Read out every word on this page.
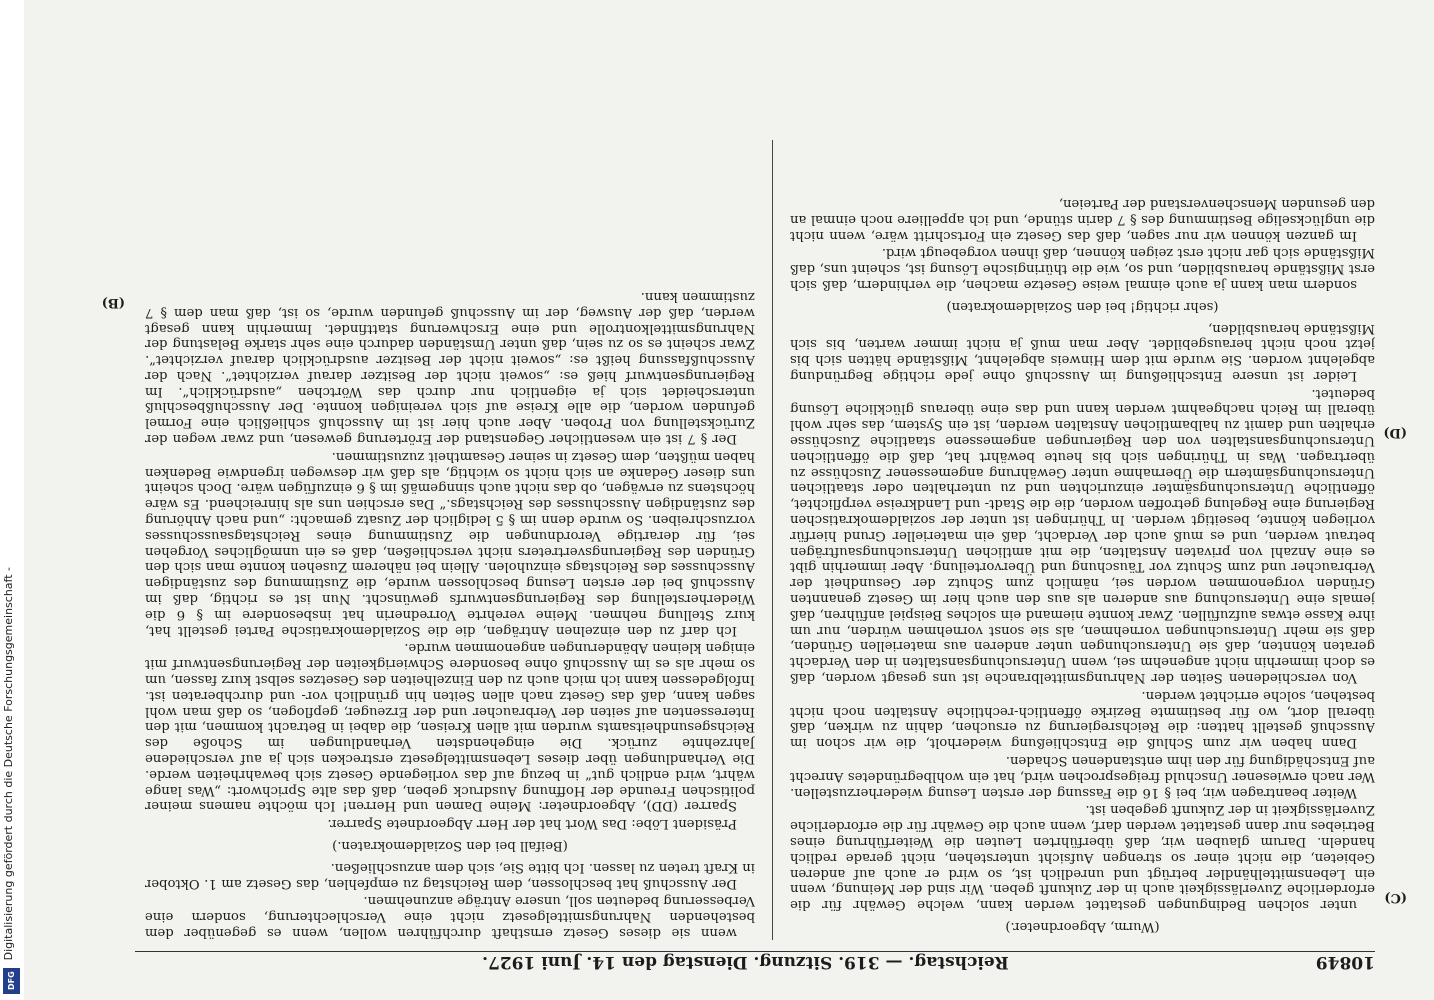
Digitalisierung gefördert durch die Deutsche Forschungsgemeinschaft -
DFG
10849
Reichstag. — 319. Sitzung. Dienstag den 14. Juni 1927.

(Wurm, Abgeordneter.)

unter solchen Bedingungen gestattet werden kann, welche Gewähr für die erforderliche Zuverlässigkeit auch in der Zukunft geben. Wir sind der Meinung, wenn ein Lebensmittelhändler betrügt und unredlich ist, so wird er auch auf anderen Gebieten, die nicht einer so strengen Aufsicht unterstehen, nicht gerade redlich handeln. Darum glauben wir, daß überführten Leuten die Weiterführung eines Betriebes nur dann gestattet werden darf, wenn auch die Gewähr für die erforderliche Zuverlässigkeit in der Zukunft gegeben ist.

Weiter beantragen wir, bei § 16 die Fassung der ersten Lesung wiederherzustellen. Wer nach erwiesener Unschuld freigesprochen wird, hat ein wohlbegründetes Anrecht auf Entschädigung für den ihm entstandenen Schaden.

Dann haben wir zum Schluß die Entschließung wiederholt, die wir schon im Ausschuß gestellt hatten: die Reichsregierung zu ersuchen, dahin zu wirken, daß überall dort, wo für bestimmte Bezirke öffentlich-rechtliche Anstalten noch nicht bestehen, solche errichtet werden.

Von verschiedenen Seiten der Nahrungsmittelbranche ist uns gesagt worden, daß es doch immerhin nicht angenehm sei, wenn Untersuchungsanstalten in den Verdacht geraten könnten, daß sie Untersuchungen unter anderen aus materiellen Gründen, daß sie mehr Untersuchungen vornehmen, als sie sonst vornehmen würden, nur um ihre Kasse etwas aufzufüllen. Zwar konnte niemand ein solches Beispiel anführen, daß jemals eine Untersuchung aus anderen als aus den auch hier im Gesetz genannten Gründen vorgenommen worden sei, nämlich zum Schutz der Gesundheit der Verbraucher und zum Schutz vor Täuschung und Übervorteilung. Aber immerhin gibt es eine Anzahl von privaten Anstalten, die mit amtlichen Untersuchungsaufträgen betraut werden, und es muß auch der Verdacht, daß ein materieller Grund hierfür vorliegen könnte, beseitigt werden. In Thüringen ist unter der sozialdemokratischen Regierung eine Regelung getroffen worden, die die Stadt- und Landkreise verpflichtet, öffentliche Untersuchungsämter einzurichten und zu unterhalten oder staatlichen Untersuchungsämtern die Übernahme unter Gewährung angemessener Zuschüsse zu übertragen. Was in Thüringen sich bis heute bewährt hat, daß die öffentlichen Untersuchungsanstalten von den Regierungen angemessene staatliche Zuschüsse erhalten und damit zu halbamtlichen Anstalten werden, ist ein System, das sehr wohl überall im Reich nachgeahmt werden kann und das eine überaus glückliche Lösung bedeutet.

Leider ist unsere Entschließung im Ausschuß ohne jede richtige Begründung abgelehnt worden. Sie wurde mit dem Hinweis abgelehnt, Mißstände hätten sich bis jetzt noch nicht herausgebildet. Aber man muß ja nicht immer warten, bis sich Mißstände herausbilden,

(sehr richtig! bei den Sozialdemokraten)

sondern man kann ja auch einmal weise Gesetze machen, die verhindern, daß sich erst Mißstände herausbilden, und so, wie die thüringische Lösung ist, scheint uns, daß Mißstände sich gar nicht erst zeigen können, daß ihnen vorgebeugt wird.

Im ganzen können wir nur sagen, daß das Gesetz ein Fortschritt wäre, wenn nicht die unglückselige Bestimmung des § 7 darin stünde, und ich appelliere noch einmal an den gesunden Menschenverstand der Parteien,

wenn sie dieses Gesetz ernsthaft durchführen wollen, wenn es gegenüber dem bestehenden Nahrungsmittelgesetz nicht eine Verschlechterung, sondern eine Verbesserung bedeuten soll, unsere Anträge anzunehmen.

Der Ausschuß hat beschlossen, dem Reichstag zu empfehlen, das Gesetz am 1. Oktober in Kraft treten zu lassen. Ich bitte Sie, sich dem anzuschließen.

(Beifall bei den Sozialdemokraten.)

Präsident Löbe: Das Wort hat der Herr Abgeordnete Sparrer.

Sparrer (DD), Abgeordneter: Meine Damen und Herren! Ich möchte namens meiner politischen Freunde der Hoffnung Ausdruck geben, daß das alte Sprichwort: „Was lange währt, wird endlich gut“ in bezug auf das vorliegende Gesetz sich bewahrheiten werde. Die Verhandlungen über dieses Lebensmittelgesetz erstrecken sich ja auf verschiedene Jahrzehnte zurück. Die eingehendsten Verhandlungen im Schoße des Reichsgesundheitsamts wurden mit allen Kreisen, die dabei in Betracht kommen, mit den Interessenten auf seiten der Verbraucher und der Erzeuger, gepflogen, so daß man wohl sagen kann, daß das Gesetz nach allen Seiten hin gründlich vor- und durchberaten ist. Infolgedessen kann ich mich auch zu den Einzelheiten des Gesetzes selbst kurz fassen, um so mehr als es im Ausschuß ohne besondere Schwierigkeiten der Regierungsentwurf mit einigen kleinen Abänderungen angenommen wurde.

Ich darf zu den einzelnen Anträgen, die die Sozialdemokratische Partei gestellt hat, kurz Stellung nehmen. Meine verehrte Vorrednerin hat insbesondere im § 6 die Wiederherstellung des Regierungsentwurfs gewünscht. Nun ist es richtig, daß im Ausschuß bei der ersten Lesung beschlossen wurde, die Zustimmung des zuständigen Ausschusses des Reichstags einzuholen. Allein bei näherem Zusehen konnte man sich den Gründen des Regierungsvertreters nicht verschließen, daß es ein unmögliches Vorgehen sei, für derartige Verordnungen die Zustimmung eines Reichstagsausschusses vorzuschreiben. So wurde denn im § 5 lediglich der Zusatz gemacht: „und nach Anhörung des zuständigen Ausschusses des Reichstags.“ Das erschien uns als hinreichend. Es wäre höchstens zu erwägen, ob das nicht auch sinngemäß im § 6 einzufügen wäre. Doch scheint uns dieser Gedanke an sich nicht so wichtig, als daß wir deswegen irgendwie Bedenken haben müßten, dem Gesetz in seiner Gesamtheit zuzustimmen.

Der § 7 ist ein wesentlicher Gegenstand der Erörterung gewesen, und zwar wegen der Zurückstellung von Proben. Aber auch hier ist im Ausschuß schließlich eine Formel gefunden worden, die alle Kreise auf sich vereinigen konnte. Der Ausschußbeschluß unterscheidet sich ja eigentlich nur durch das Wörtchen „ausdrücklich“. Im Regierungsentwurf hieß es: „soweit nicht der Besitzer darauf verzichtet“. Nach der Ausschußfassung heißt es: „soweit nicht der Besitzer ausdrücklich darauf verzichtet“. Zwar scheint es so zu sein, daß unter Umständen dadurch eine sehr starke Belastung der Nahrungsmittelkontrolle und eine Erschwerung stattfindet. Immerhin kann gesagt werden, daß der Ausweg, der im Ausschuß gefunden wurde, so ist, daß man dem § 7 zustimmen kann.

(C)
(D)
(B)
